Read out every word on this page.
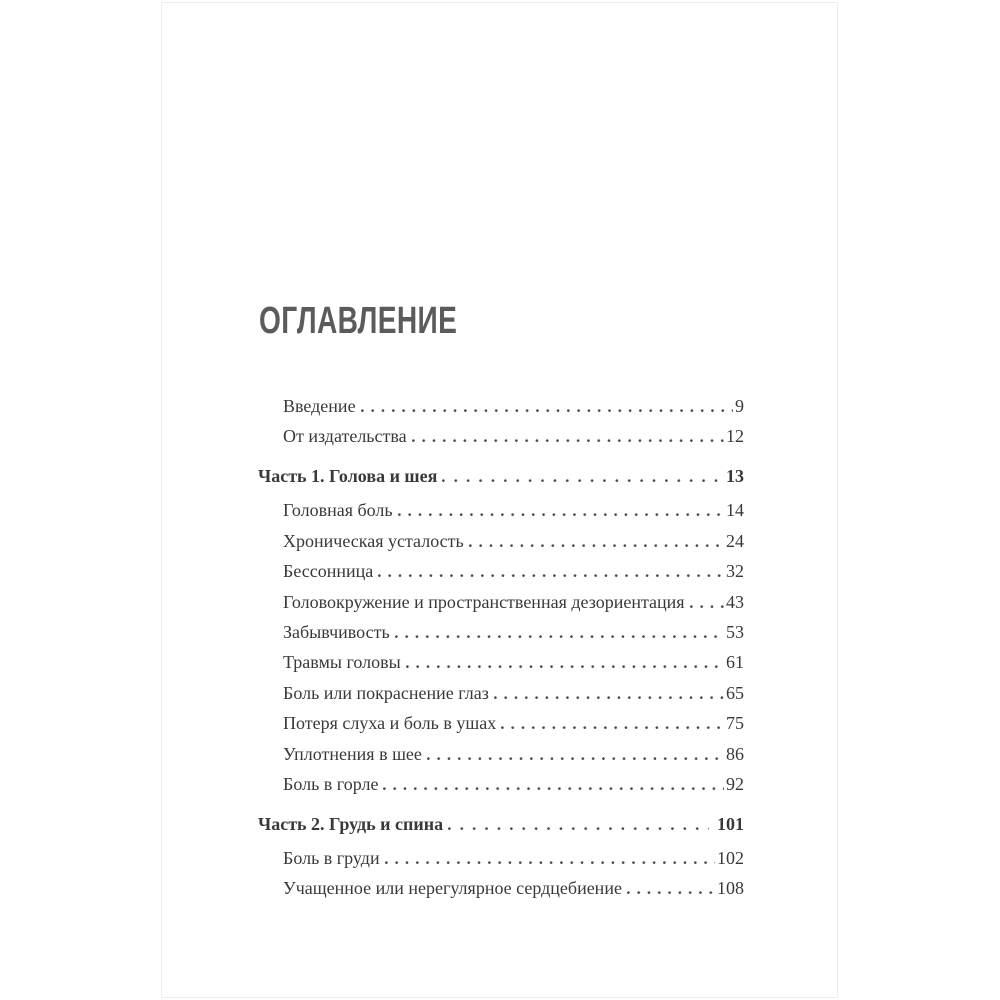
ОГЛАВЛЕНИЕ
Введение	9
От издательства	12
Часть 1. Голова и шея	13
Головная боль	14
Хроническая усталость	24
Бессонница	32
Головокружение и пространственная дезориентация 43
Забывчивость	53
Травмы головы	61
Боль или покраснение глаз	65
Потеря слуха и боль в ушах	75
Уплотнения в шее	86
Боль в горле	92
Часть 2. Грудь и спина	101
Боль в груди	102
Учащенное или нерегулярное сердцебиение	108
